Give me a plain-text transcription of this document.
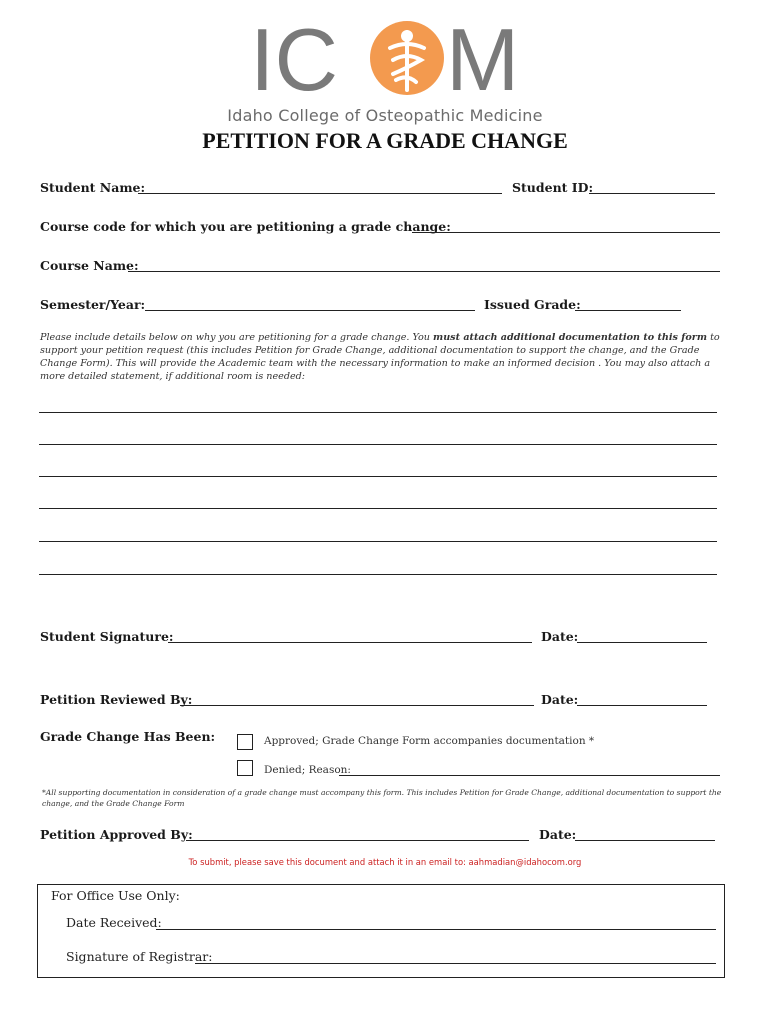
IC M
Idaho College of Osteopathic Medicine
PETITION FOR A GRADE CHANGE
Student Name:	Student ID:
Course code for which you are petitioning a grade change:
Course Name:
Semester/Year:	Issued Grade:
Please include details below on why you are petitioning for a grade change. You must attach additional documentation to this form to support your petition request (this includes Petition for Grade Change, additional documentation to support the change, and the Grade Change Form). This will provide the Academic team with the necessary information to make an informed decision . You may also attach a more detailed statement, if additional room is needed:
Student Signature:	Date:
Petition Reviewed By:	Date:
Grade Change Has Been:	Approved; Grade Change Form accompanies documentation *
Denied; Reason:
*All supporting documentation in consideration of a grade change must accompany this form. This includes Petition for Grade Change, additional documentation to support the change, and the Grade Change Form
Petition Approved By:	Date:
To submit, please save this document and attach it in an email to: aahmadian@idahocom.org
For Office Use Only:
Date Received:
Signature of Registrar:
